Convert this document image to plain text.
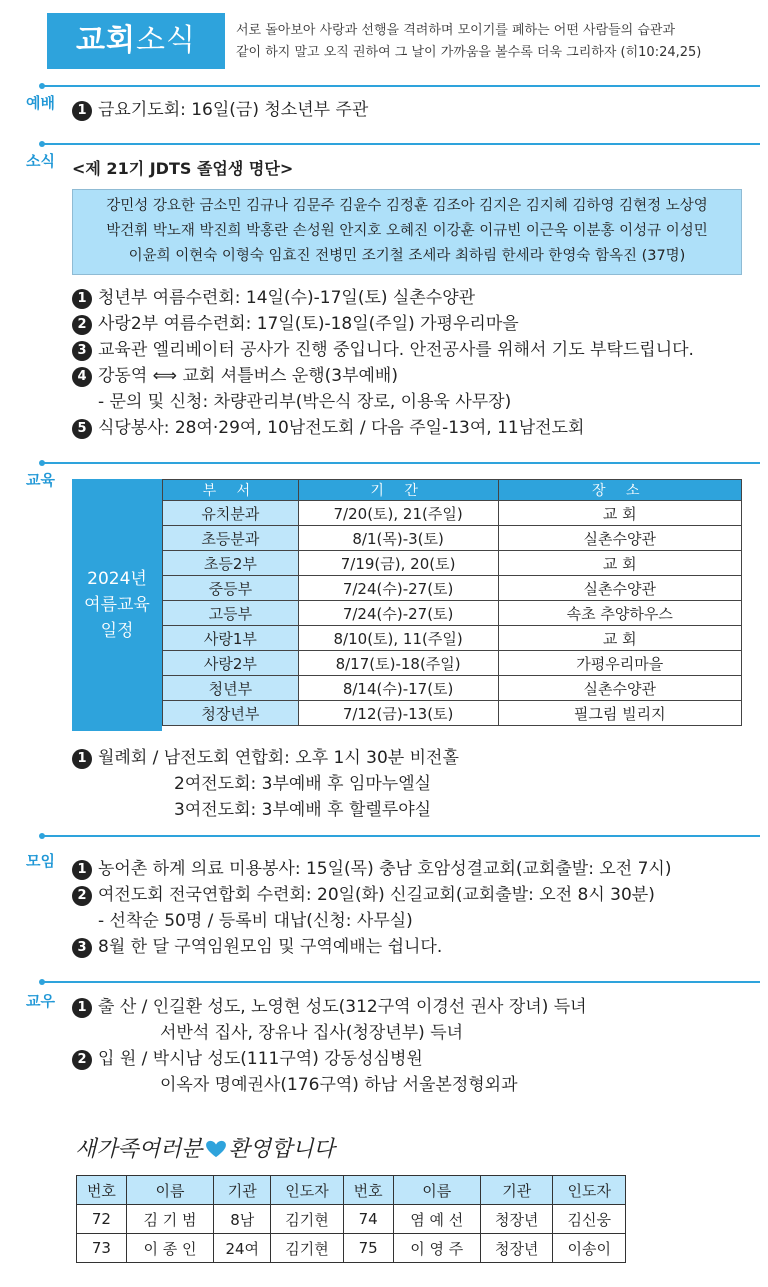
교회소식	서로 돌아보아 사랑과 선행을 격려하며 모이기를 폐하는 어떤 사람들의 습관과
같이 하지 말고 오직 권하여 그 날이 가까움을 볼수록 더욱 그리하자 (히10:24,25)
예배	1 금요기도회: 16일(금) 청소년부 주관
소식 <제 21기 JDTS 졸업생 명단>
강민성 강요한 금소민 김규나 김문주 김윤수 김정훈 김조아 김지은 김지혜 김하영 김현정 노상영
박건휘 박노재 박진희 박홍란 손성원 안지호 오혜진 이강훈 이규빈 이근욱 이분홍 이성규 이성민
이윤희 이현숙 이형숙 임효진 전병민 조기철 조세라 최하림 한세라 한영숙 함옥진 (37명)
1 청년부 여름수련회: 14일(수)-17일(토) 실촌수양관
2 사랑2부 여름수련회: 17일(토)-18일(주일) 가평우리마을
3 교육관 엘리베이터 공사가 진행 중입니다. 안전공사를 위해서 기도 부탁드립니다.
4 강동역 ⟺ 교회 셔틀버스 운행(3부예배)
- 문의 및 신청: 차량관리부(박은식 장로, 이용욱 사무장)
5 식당봉사: 28여·29여, 10남전도회 / 다음 주일-13여, 11남전도회
교육
2024년
여름교육
일정
부 서	기 간	장 소
유치분과	7/20(토), 21(주일)	교 회
초등분과	8/1(목)-3(토)	실촌수양관
초등2부	7/19(금), 20(토)	교 회
중등부	7/24(수)-27(토)	실촌수양관
고등부	7/24(수)-27(토)	속초 추양하우스
사랑1부	8/10(토), 11(주일)	교 회
사랑2부	8/17(토)-18(주일)	가평우리마을
청년부	8/14(수)-17(토)	실촌수양관
청장년부	7/12(금)-13(토)	필그림 빌리지
1 월례회 / 남전도회 연합회: 오후 1시 30분 비전홀
2여전도회: 3부예배 후 임마누엘실
3여전도회: 3부예배 후 할렐루야실
모임	1 농어촌 하계 의료 미용봉사: 15일(목) 충남 호암성결교회(교회출발: 오전 7시)
2 여전도회 전국연합회 수련회: 20일(화) 신길교회(교회출발: 오전 8시 30분)
- 선착순 50명 / 등록비 대납(신청: 사무실)
3 8월 한 달 구역임원모임 및 구역예배는 쉽니다.
교우	1 출 산 / 인길환 성도, 노영현 성도(312구역 이경선 권사 장녀) 득녀
서반석 집사, 장유나 집사(청장년부) 득녀
2 입 원 / 박시남 성도(111구역) 강동성심병원
이옥자 명예권사(176구역) 하남 서울본정형외과
새가족여러분 환영합니다
번호	이름	기관	인도자	번호	이름	기관	인도자
72	김 기 범	8남	김기현	74	염 예 선	청장년	김신웅
73	이 종 인	24여	김기현	75	이 영 주	청장년	이송이
